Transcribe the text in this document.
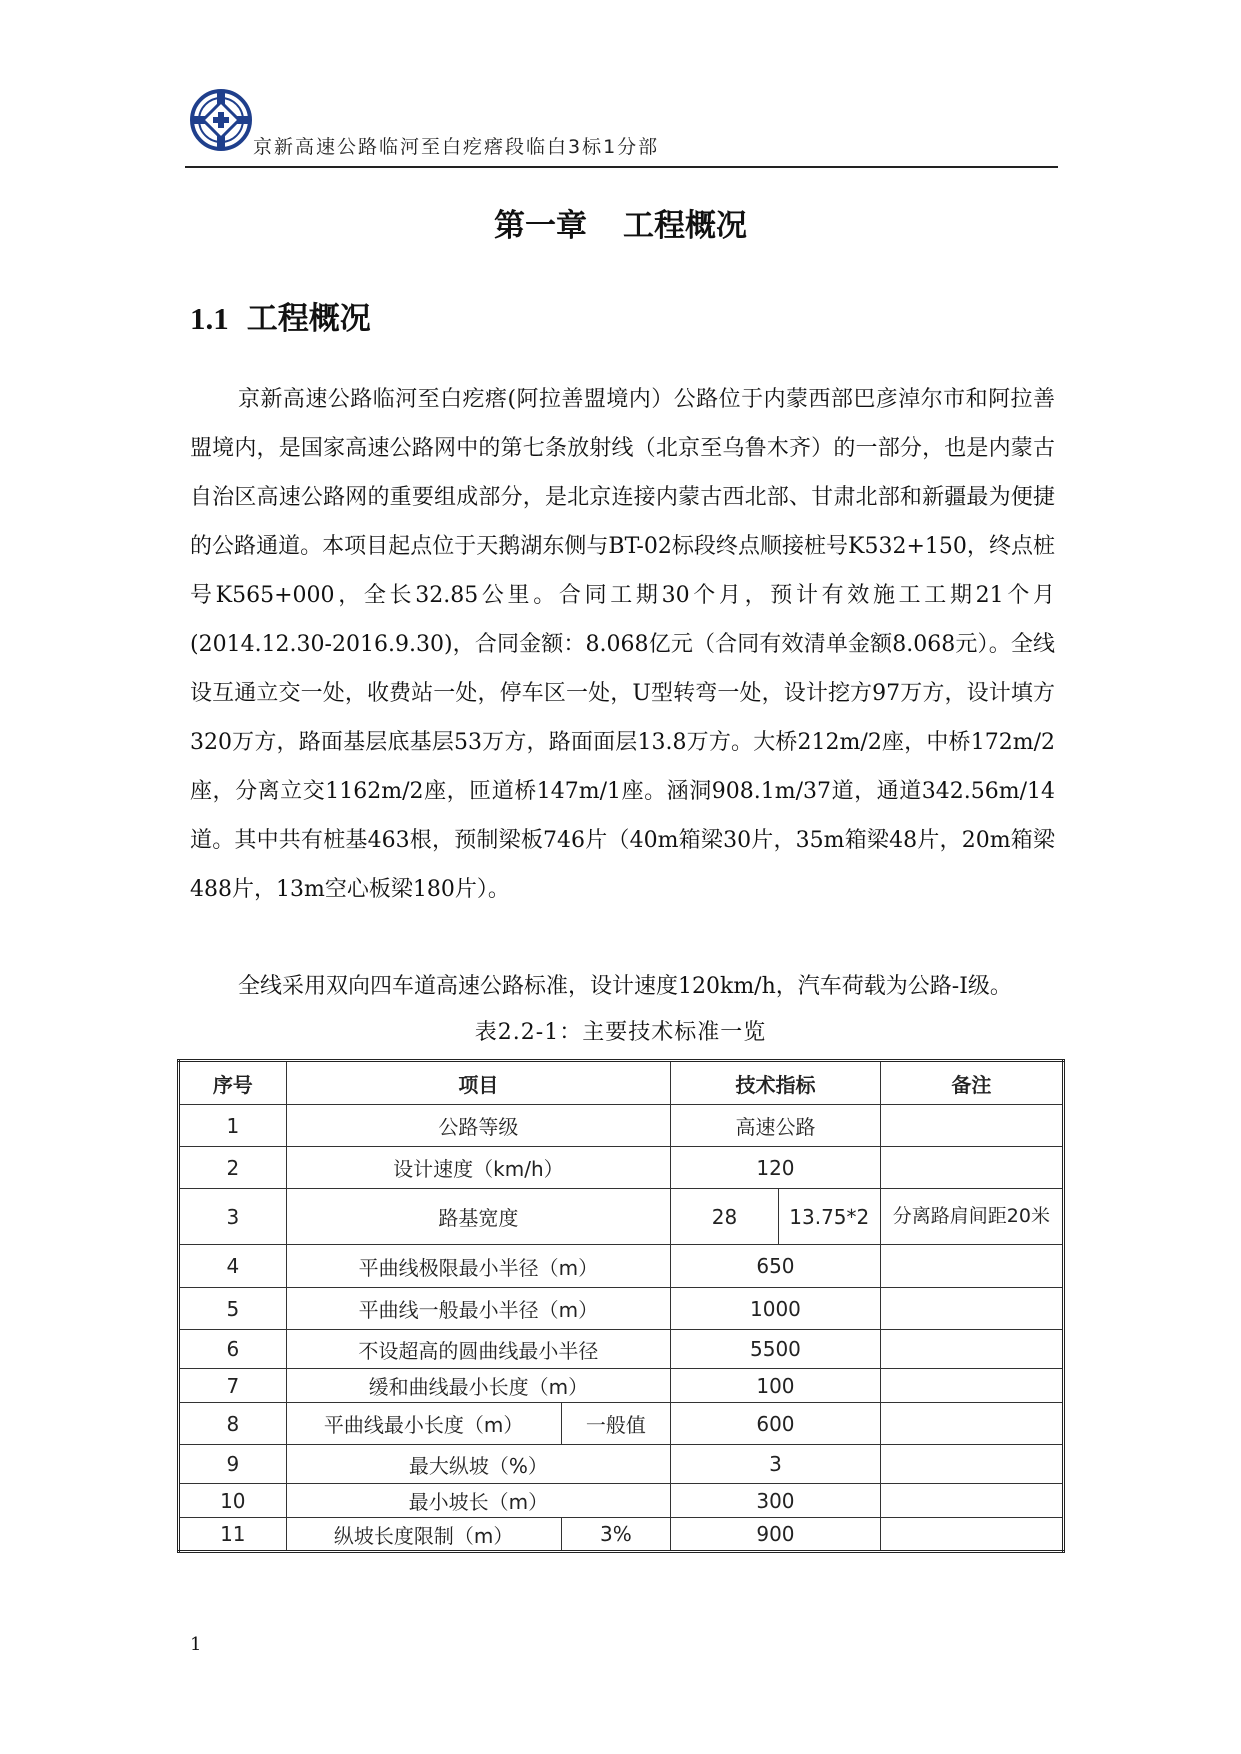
京新高速公路临河至白疙瘩段临白3标1分部
第一章 工程概况
1.1 工程概况
京新高速公路临河至白疙瘩(阿拉善盟境内）公路位于内蒙西部巴彦淖尔市和阿拉善盟境内，是国家高速公路网中的第七条放射线（北京至乌鲁木齐）的一部分，也是内蒙古自治区高速公路网的重要组成部分，是北京连接内蒙古西北部、甘肃北部和新疆最为便捷的公路通道。本项目起点位于天鹅湖东侧与BT-02标段终点顺接桩号K532+150，终点桩号K565+000，全长32.85公里。合同工期30个月，预计有效施工工期21个月(2014.12.30-2016.9.30)，合同金额：8.068亿元（合同有效清单金额8.068元）。全线设互通立交一处，收费站一处，停车区一处，U型转弯一处，设计挖方97万方，设计填方320万方，路面基层底基层53万方，路面面层13.8万方。大桥212m/2座，中桥172m/2座，分离立交1162m/2座，匝道桥147m/1座。涵洞908.1m/37道，通道342.56m/14道。其中共有桩基463根，预制梁板746片（40m箱梁30片，35m箱梁48片，20m箱梁488片，13m空心板梁180片）。
全线采用双向四车道高速公路标准，设计速度120km/h，汽车荷载为公路-I级。
表2.2-1：主要技术标准一览
序号	项目		技术指标		备注
1	公路等级		高速公路		
2	设计速度（km/h）		120		
3	路基宽度		28	13.75*2	分离路肩间距20米
4	平曲线极限最小半径（m）		650		
5	平曲线一般最小半径（m）		1000		
6	不设超高的圆曲线最小半径		5500		
7	缓和曲线最小长度（m）		100		
8	平曲线最小长度（m）	一般值	600		
9	最大纵坡（%）		3		
10	最小坡长（m）		300		
11	纵坡长度限制（m）	3%	900		
1
